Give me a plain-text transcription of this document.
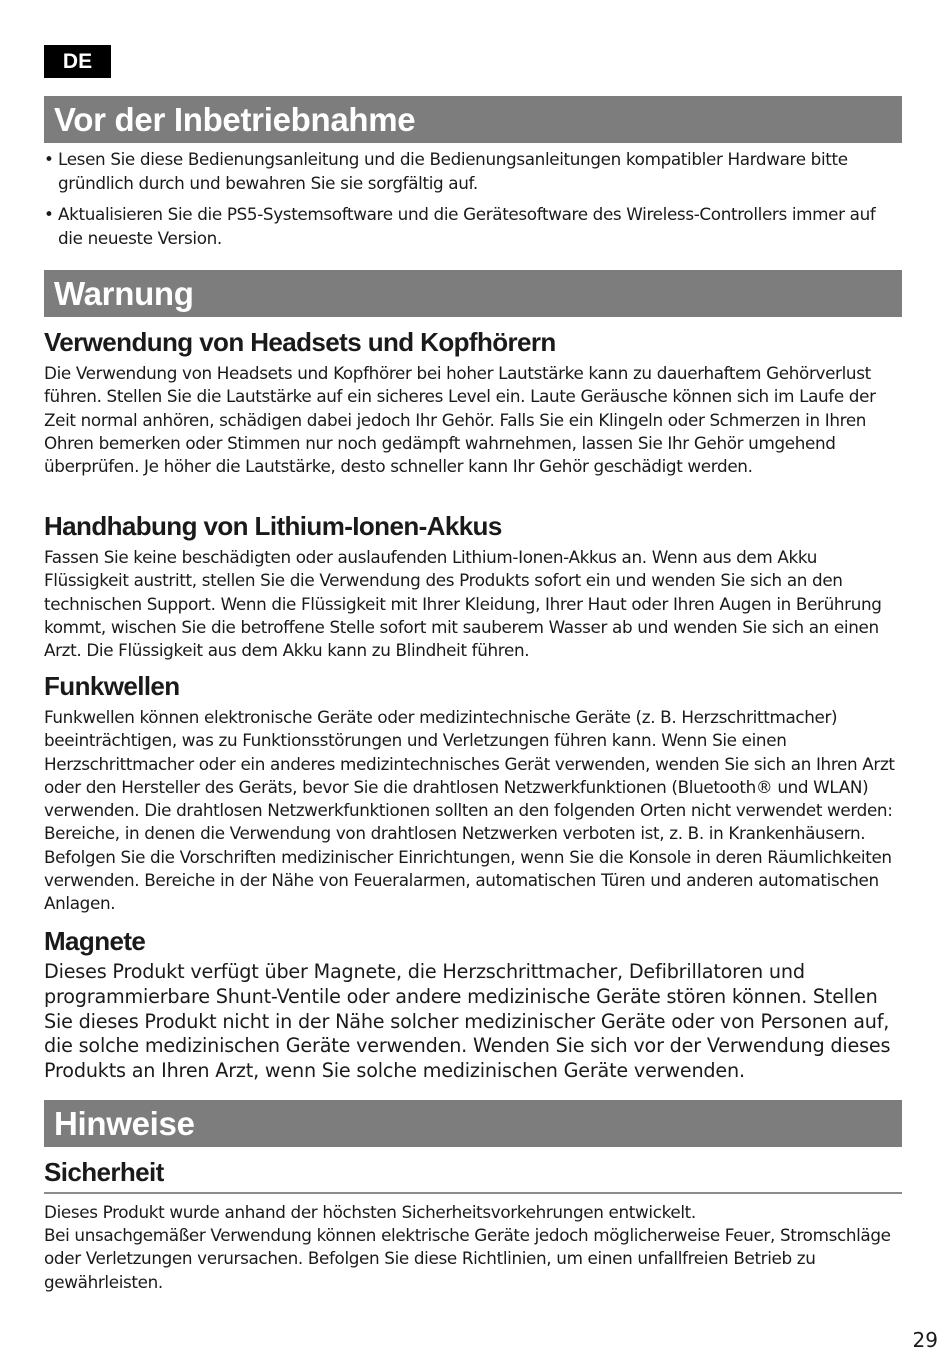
DE
Vor der Inbetriebnahme
• Lesen Sie diese Bedienungsanleitung und die Bedienungsanleitungen kompatibler Hardware bitte gründlich durch und bewahren Sie sie sorgfältig auf.
• Aktualisieren Sie die PS5-Systemsoftware und die Gerätesoftware des Wireless-Controllers immer auf die neueste Version.
Warnung
Verwendung von Headsets und Kopfhörern

Die Verwendung von Headsets und Kopfhörer bei hoher Lautstärke kann zu dauerhaftem Gehörverlust führen. Stellen Sie die Lautstärke auf ein sicheres Level ein. Laute Geräusche können sich im Laufe der Zeit normal anhören, schädigen dabei jedoch Ihr Gehör. Falls Sie ein Klingeln oder Schmerzen in Ihren Ohren bemerken oder Stimmen nur noch gedämpft wahrnehmen, lassen Sie Ihr Gehör umgehend überprüfen. Je höher die Lautstärke, desto schneller kann Ihr Gehör geschädigt werden.

Handhabung von Lithium-Ionen-Akkus

Fassen Sie keine beschädigten oder auslaufenden Lithium-Ionen-Akkus an. Wenn aus dem Akku Flüssigkeit austritt, stellen Sie die Verwendung des Produkts sofort ein und wenden Sie sich an den technischen Support. Wenn die Flüssigkeit mit Ihrer Kleidung, Ihrer Haut oder Ihren Augen in Berührung kommt, wischen Sie die betroffene Stelle sofort mit sauberem Wasser ab und wenden Sie sich an einen Arzt. Die Flüssigkeit aus dem Akku kann zu Blindheit führen.

Funkwellen

Funkwellen können elektronische Geräte oder medizintechnische Geräte (z. B. Herzschrittmacher) beeinträchtigen, was zu Funktionsstörungen und Verletzungen führen kann. Wenn Sie einen Herzschrittmacher oder ein anderes medizintechnisches Gerät verwenden, wenden Sie sich an Ihren Arzt oder den Hersteller des Geräts, bevor Sie die drahtlosen Netzwerkfunktionen (Bluetooth® und WLAN) verwenden. Die drahtlosen Netzwerkfunktionen sollten an den folgenden Orten nicht verwendet werden: Bereiche, in denen die Verwendung von drahtlosen Netzwerken verboten ist, z. B. in Krankenhäusern. Befolgen Sie die Vorschriften medizinischer Einrichtungen, wenn Sie die Konsole in deren Räumlichkeiten verwenden. Bereiche in der Nähe von Feueralarmen, automatischen Türen und anderen automatischen Anlagen.

Magnete

Dieses Produkt verfügt über Magnete, die Herzschrittmacher, Defibrillatoren und programmierbare Shunt-Ventile oder andere medizinische Geräte stören können. Stellen Sie dieses Produkt nicht in der Nähe solcher medizinischer Geräte oder von Personen auf, die solche medizinischen Geräte verwenden. Wenden Sie sich vor der Verwendung dieses Produkts an Ihren Arzt, wenn Sie solche medizinischen Geräte verwenden.

Hinweise
Sicherheit

Dieses Produkt wurde anhand der höchsten Sicherheitsvorkehrungen entwickelt.

Bei unsachgemäßer Verwendung können elektrische Geräte jedoch möglicherweise Feuer, Stromschläge oder Verletzungen verursachen. Befolgen Sie diese Richtlinien, um einen unfallfreien Betrieb zu gewährleisten.

29
